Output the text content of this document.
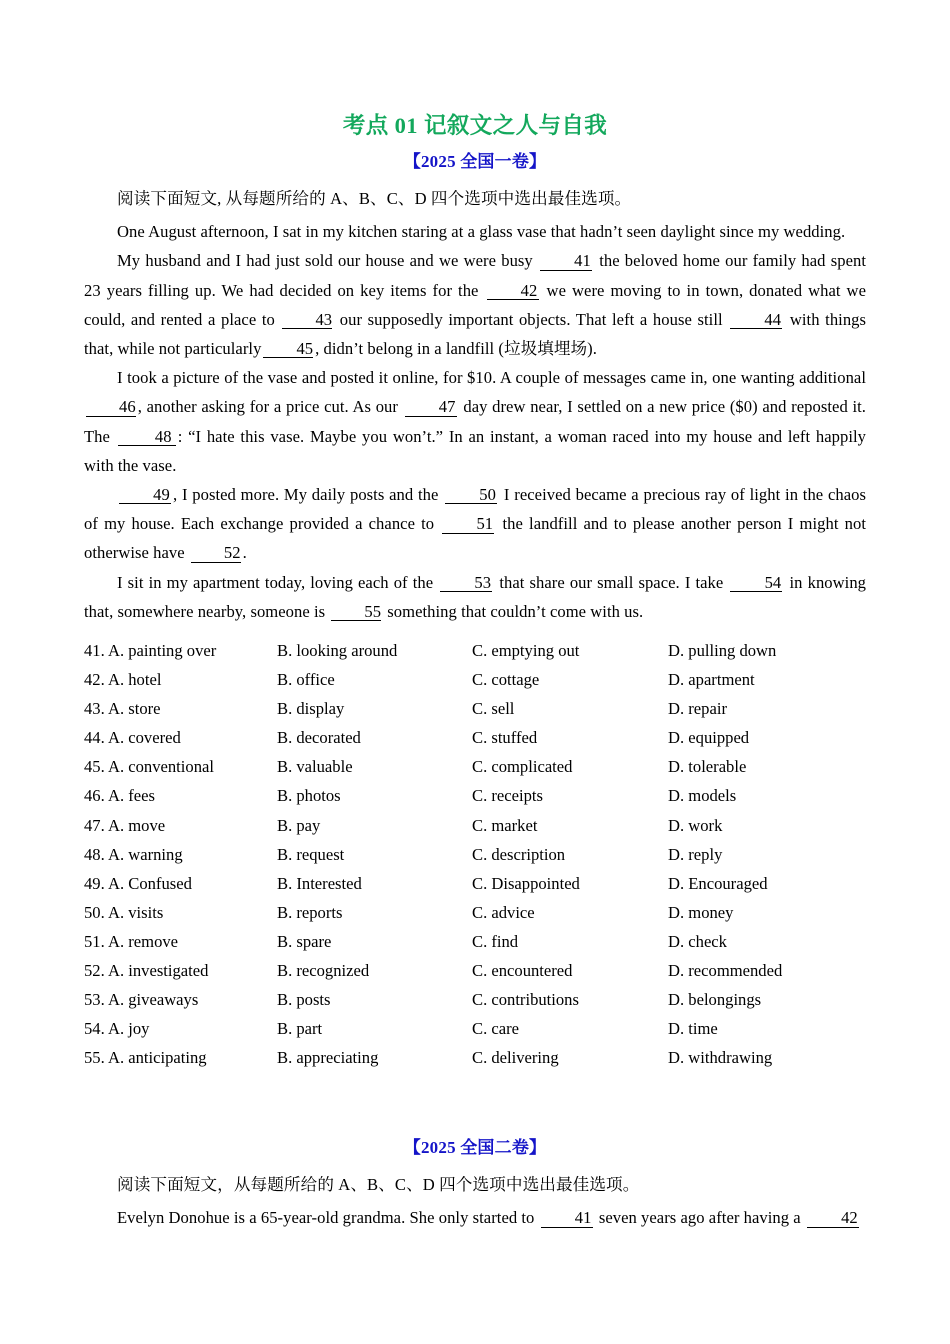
考点 01 记叙文之人与自我
【2025 全国一卷】
阅读下面短文, 从每题所给的 A、B、C、D 四个选项中选出最佳选项。
One August afternoon, I sat in my kitchen staring at a glass vase that hadn’t seen daylight since my wedding.
My husband and I had just sold our house and we were busy 41 the beloved home our family had spent 23 years filling up. We had decided on key items for the	42 we were moving to in town, donated what we could, and rented a place to 43 our supposedly important objects. That left a house still	44 with things that, while not particularly 45 , didn’t belong in a landfill (垃圾填埋场).
I took a picture of the vase and posted it online, for $10. A couple of messages came in, one wanting additional 46 , another asking for a price cut. As our 47 day drew near, I settled on a new price ($0) and reposted it. The	48 : “I hate this vase. Maybe you won’t.” In an instant, a woman raced into my house and left happily with the vase.
49 , I posted more. My daily posts and the 50 I received became a precious ray of light in the chaos of my house. Each exchange provided a chance to	51 the landfill and to please another person I might not otherwise have 52 .
I sit in my apartment today, loving each of the 53 that share our small space. I take 54 in knowing that, somewhere nearby, someone is 55 something that couldn’t come with us.
41. A. painting over	B. looking around	C. emptying out	D. pulling down
42. A. hotel	B. office	C. cottage	D. apartment
43. A. store	B. display	C. sell	D. repair
44. A. covered	B. decorated	C. stuffed	D. equipped
45. A. conventional	B. valuable	C. complicated	D. tolerable
46. A. fees	B. photos	C. receipts	D. models
47. A. move	B. pay	C. market	D. work
48. A. warning	B. request	C. description	D. reply
49. A. Confused	B. Interested	C. Disappointed	D. Encouraged
50. A. visits	B. reports	C. advice	D. money
51. A. remove	B. spare	C. find	D. check
52. A. investigated	B. recognized	C. encountered	D. recommended
53. A. giveaways	B. posts	C. contributions	D. belongings
54. A. joy	B. part	C. care	D. time
55. A. anticipating	B. appreciating	C. delivering	D. withdrawing
【2025 全国二卷】
阅读下面短文，从每题所给的 A、B、C、D 四个选项中选出最佳选项。
Evelyn Donohue is a 65-year-old grandma. She only started to 41 seven years ago after having a 42
